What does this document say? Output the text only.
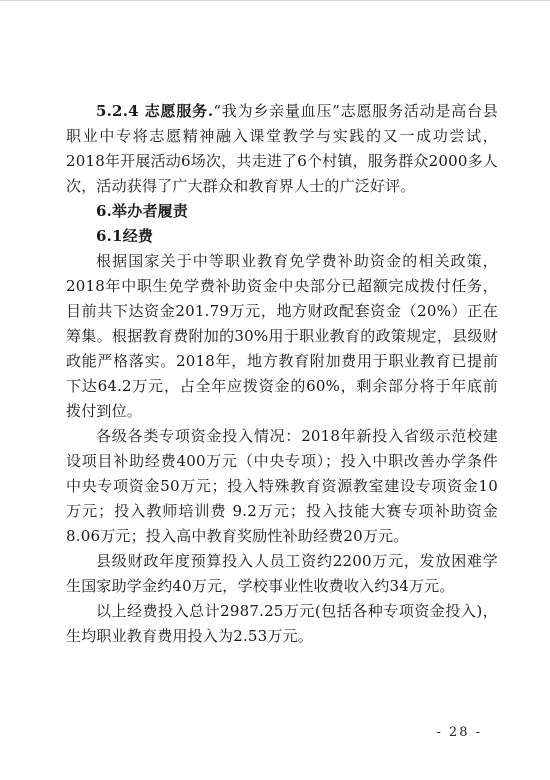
5.2.4 志愿服务.“我为乡亲量血压”志愿服务活动是高台县职业中专将志愿精神融入课堂教学与实践的又一成功尝试，2018年开展活动6场次，共走进了6个村镇，服务群众2000多人次，活动获得了广大群众和教育界人士的广泛好评。

6.举办者履责

6.1经费

根据国家关于中等职业教育免学费补助资金的相关政策，2018年中职生免学费补助资金中央部分已超额完成拨付任务，目前共下达资金201.79万元，地方财政配套资金（20%）正在筹集。根据教育费附加的30%用于职业教育的政策规定，县级财政能严格落实。2018年，地方教育附加费用于职业教育已提前下达64.2万元，占全年应拨资金的60%，剩余部分将于年底前拨付到位。

各级各类专项资金投入情况：2018年新投入省级示范校建设项目补助经费400万元（中央专项）；投入中职改善办学条件中央专项资金50万元；投入特殊教育资源教室建设专项资金10万元；投入教师培训费 9.2万元；投入技能大赛专项补助资金8.06万元；投入高中教育奖励性补助经费20万元。

县级财政年度预算投入人员工资约2200万元，发放困难学生国家助学金约40万元，学校事业性收费收入约34万元。

以上经费投入总计2987.25万元(包括各种专项资金投入)，生均职业教育费用投入为2.53万元。

- 28 -
